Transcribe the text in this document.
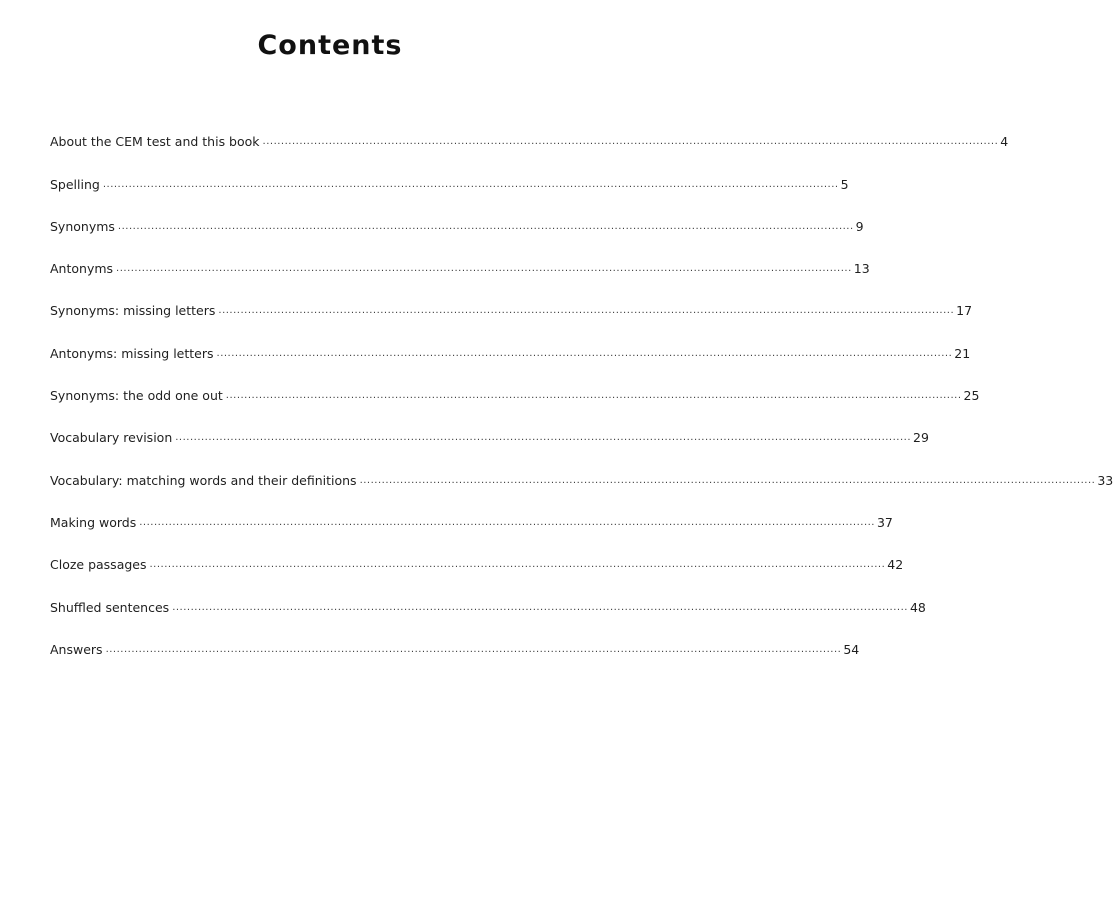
Contents
About the CEM test and this book ........................................................................................................................................................................................................ 4
Spelling ........................................................................................................................................................................................................ 5
Synonyms ........................................................................................................................................................................................................ 9
Antonyms ........................................................................................................................................................................................................ 13
Synonyms: missing letters ........................................................................................................................................................................................................ 17
Antonyms: missing letters ........................................................................................................................................................................................................ 21
Synonyms: the odd one out ........................................................................................................................................................................................................ 25
Vocabulary revision ........................................................................................................................................................................................................ 29
Vocabulary: matching words and their definitions ........................................................................................................................................................................................................ 33
Making words ........................................................................................................................................................................................................ 37
Cloze passages ........................................................................................................................................................................................................ 42
Shuffled sentences ........................................................................................................................................................................................................ 48
Answers ........................................................................................................................................................................................................ 54
